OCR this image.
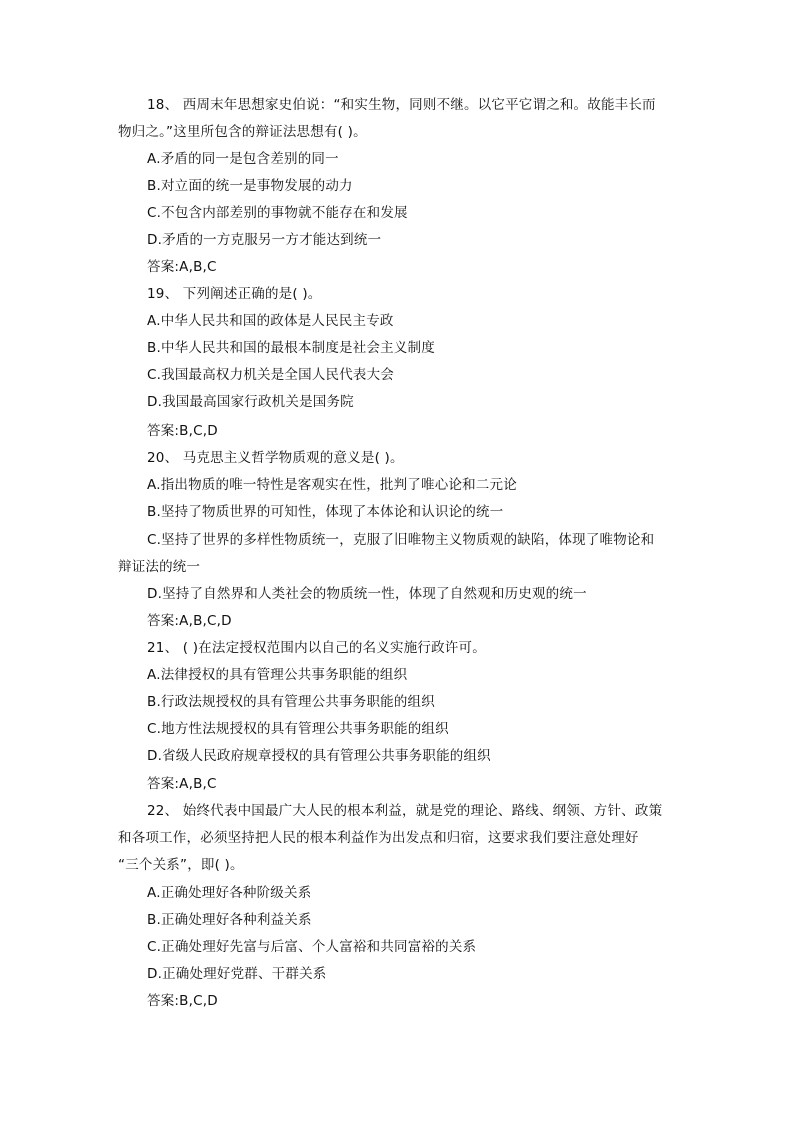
18、 西周末年思想家史伯说：“和实生物，同则不继。以它平它谓之和。故能丰长而
物归之。”这里所包含的辩证法思想有( )。
A.矛盾的同一是包含差别的同一
B.对立面的统一是事物发展的动力
C.不包含内部差别的事物就不能存在和发展
D.矛盾的一方克服另一方才能达到统一
答案:A,B,C
19、 下列阐述正确的是( )。
A.中华人民共和国的政体是人民民主专政
B.中华人民共和国的最根本制度是社会主义制度
C.我国最高权力机关是全国人民代表大会
D.我国最高国家行政机关是国务院
答案:B,C,D
20、 马克思主义哲学物质观的意义是( )。
A.指出物质的唯一特性是客观实在性，批判了唯心论和二元论
B.坚持了物质世界的可知性，体现了本体论和认识论的统一
C.坚持了世界的多样性物质统一，克服了旧唯物主义物质观的缺陷，体现了唯物论和
辩证法的统一
D.坚持了自然界和人类社会的物质统一性，体现了自然观和历史观的统一
答案:A,B,C,D
21、 ( )在法定授权范围内以自己的名义实施行政许可。
A.法律授权的具有管理公共事务职能的组织
B.行政法规授权的具有管理公共事务职能的组织
C.地方性法规授权的具有管理公共事务职能的组织
D.省级人民政府规章授权的具有管理公共事务职能的组织
答案:A,B,C
22、 始终代表中国最广大人民的根本利益，就是党的理论、路线、纲领、方针、政策
和各项工作，必须坚持把人民的根本利益作为出发点和归宿，这要求我们要注意处理好
“三个关系”，即( )。
A.正确处理好各种阶级关系
B.正确处理好各种利益关系
C.正确处理好先富与后富、个人富裕和共同富裕的关系
D.正确处理好党群、干群关系
答案:B,C,D
